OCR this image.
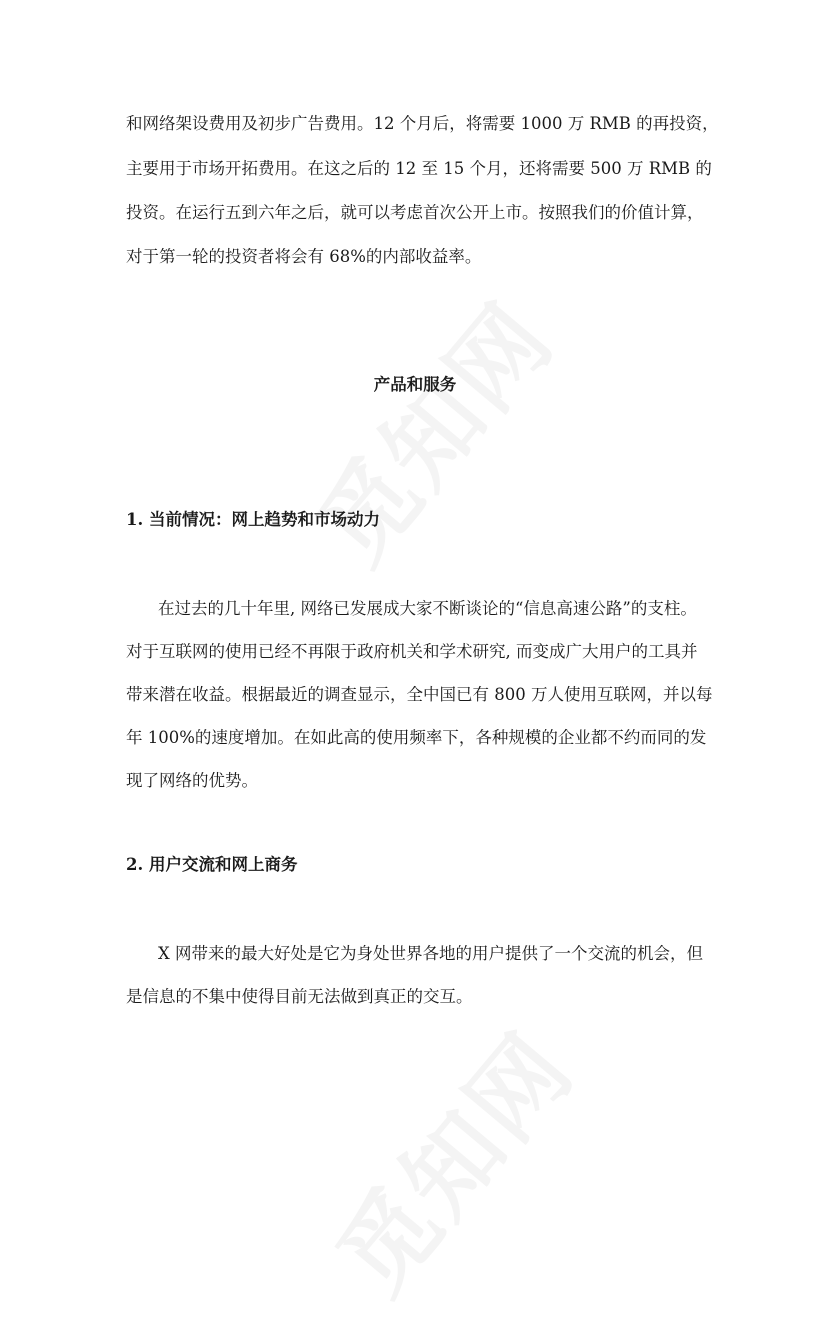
和网络架设费用及初步广告费用。12 个月后，将需要 1000 万 RMB 的再投资，
主要用于市场开拓费用。在这之后的 12 至 15 个月，还将需要 500 万 RMB 的
投资。在运行五到六年之后，就可以考虑首次公开上市。按照我们的价值计算，
对于第一轮的投资者将会有 68%的内部收益率。
产品和服务
1. 当前情况：网上趋势和市场动力
在过去的几十年里, 网络已发展成大家不断谈论的“信息高速公路”的支柱。
对于互联网的使用已经不再限于政府机关和学术研究, 而变成广大用户的工具并
带来潜在收益。根据最近的调查显示，全中国已有 800 万人使用互联网，并以每
年 100%的速度增加。在如此高的使用频率下，各种规模的企业都不约而同的发
现了网络的优势。
2. 用户交流和网上商务
X 网带来的最大好处是它为身处世界各地的用户提供了一个交流的机会，但
是信息的不集中使得目前无法做到真正的交互。
